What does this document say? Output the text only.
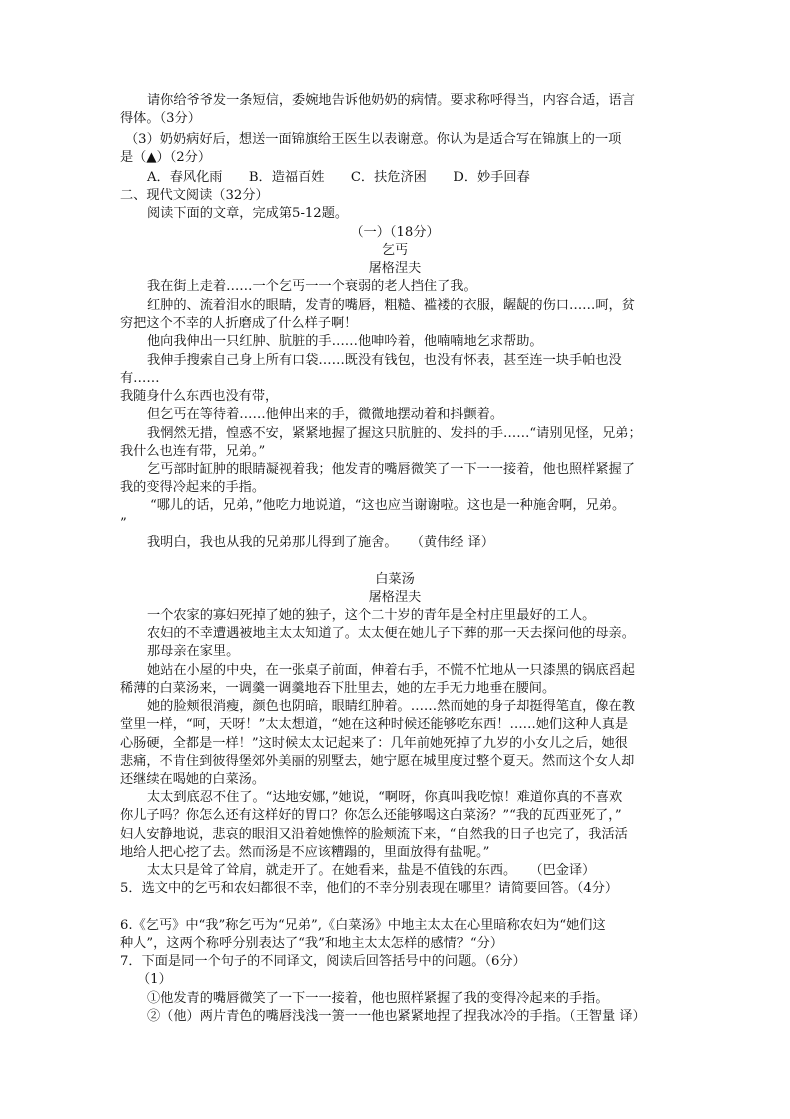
请你给爷爷发一条短信，委婉地告诉他奶奶的病情。要求称呼得当，内容合适，语言
得体。（3分）
（3）奶奶病好后，想送一面锦旗给王医生以表谢意。你认为是适合写在锦旗上的一项
是（▲）（2分）
A．春风化雨　　B．造福百姓　　C．扶危济困　　D．妙手回春
二、现代文阅读（32分）
阅读下面的文章，完成第5-12题。
（一）（18分）
乞丐
屠格涅夫
我在街上走着……一个乞丐一一个衰弱的老人挡住了我。
红肿的、流着泪水的眼睛，发青的嘴唇，粗糙、褴褛的衣服，龌龊的伤口……呵，贫
穷把这个不幸的人折磨成了什么样子啊！
他向我伸出一只红肿、肮脏的手……他呻吟着，他喃喃地乞求帮助。
我伸手搜索自己身上所有口袋……既没有钱包，也没有怀表，甚至连一块手帕也没
有……
我随身什么东西也没有带，
但乞丐在等待着……他伸出来的手，微微地摆动着和抖颤着。
我惘然无措，惶惑不安，紧紧地握了握这只肮脏的、发抖的手……“请别见怪，兄弟；
我什么也连有带，兄弟。”
乞丐部时缸肿的眼睛凝视着我；他发青的嘴唇微笑了一下一一接着，他也照样紧握了
我的变得冷起来的手指。
“哪儿的话，兄弟，”他吃力地说道，“这也应当谢谢啦。这也是一种施舍啊，兄弟。
”
我明白，我也从我的兄弟那儿得到了施舍。　　（黄伟经 译）
白菜汤
屠格涅夫
一个农家的寡妇死掉了她的独子，这个二十岁的青年是全村庄里最好的工人。
农妇的不幸遭遇被地主太太知道了。太太便在她儿子下葬的那一天去探问他的母亲。
那母亲在家里。
她站在小屋的中央，在一张桌子前面，伸着右手，不慌不忙地从一只漆黑的锅底舀起
稀薄的白菜汤来，一调羹一调羹地吞下肚里去，她的左手无力地垂在腰间。
她的脸颊很消瘦，颜色也阴暗，眼睛红肿着。……然而她的身子却挺得笔直，像在教
堂里一样，“呵，天呀！”太太想道，“她在这种时候还能够吃东西！……她们这种人真是
心肠硬，全都是一样！”这时候太太记起来了：几年前她死掉了九岁的小女儿之后，她很
悲痛，不肯住到彼得堡郊外美丽的别墅去，她宁愿在城里度过整个夏天。然而这个女人却
还继续在喝她的白菜汤。
太太到底忍不住了。“达地安娜，”她说，“啊呀，你真叫我吃惊！难道你真的不喜欢
你儿子吗？你怎么还有这样好的胃口？你怎么还能够喝这白菜汤？”“我的瓦西亚死了，”
妇人安静地说，悲哀的眼泪又沿着她憔悴的脸颊流下来，“自然我的日子也完了，我活活
地给人把心挖了去。然而汤是不应该糟蹋的，里面放得有盐呢。”
太太只是耸了耸肩，就走开了。在她看来，盐是不值钱的东西。　　（巴金译）
5．选文中的乞丐和农妇都很不幸，他们的不幸分别表现在哪里？请简要回答。（4分）
6.《乞丐》中“我”称乞丐为“兄弟”,《白菜汤》中地主太太在心里暗称农妇为“她们这
种人”，这两个称呼分别表达了“我”和地主太太怎样的感情？“分）
7．下面是同一个句子的不同译文，阅读后回答括号中的问题。（6分）
（1）
①他发青的嘴唇微笑了一下一一接着，他也照样紧握了我的变得冷起来的手指。
②（他）两片青色的嘴唇浅浅一箦一一他也紧紧地捏了捏我冰冷的手指。（王智量 译）
